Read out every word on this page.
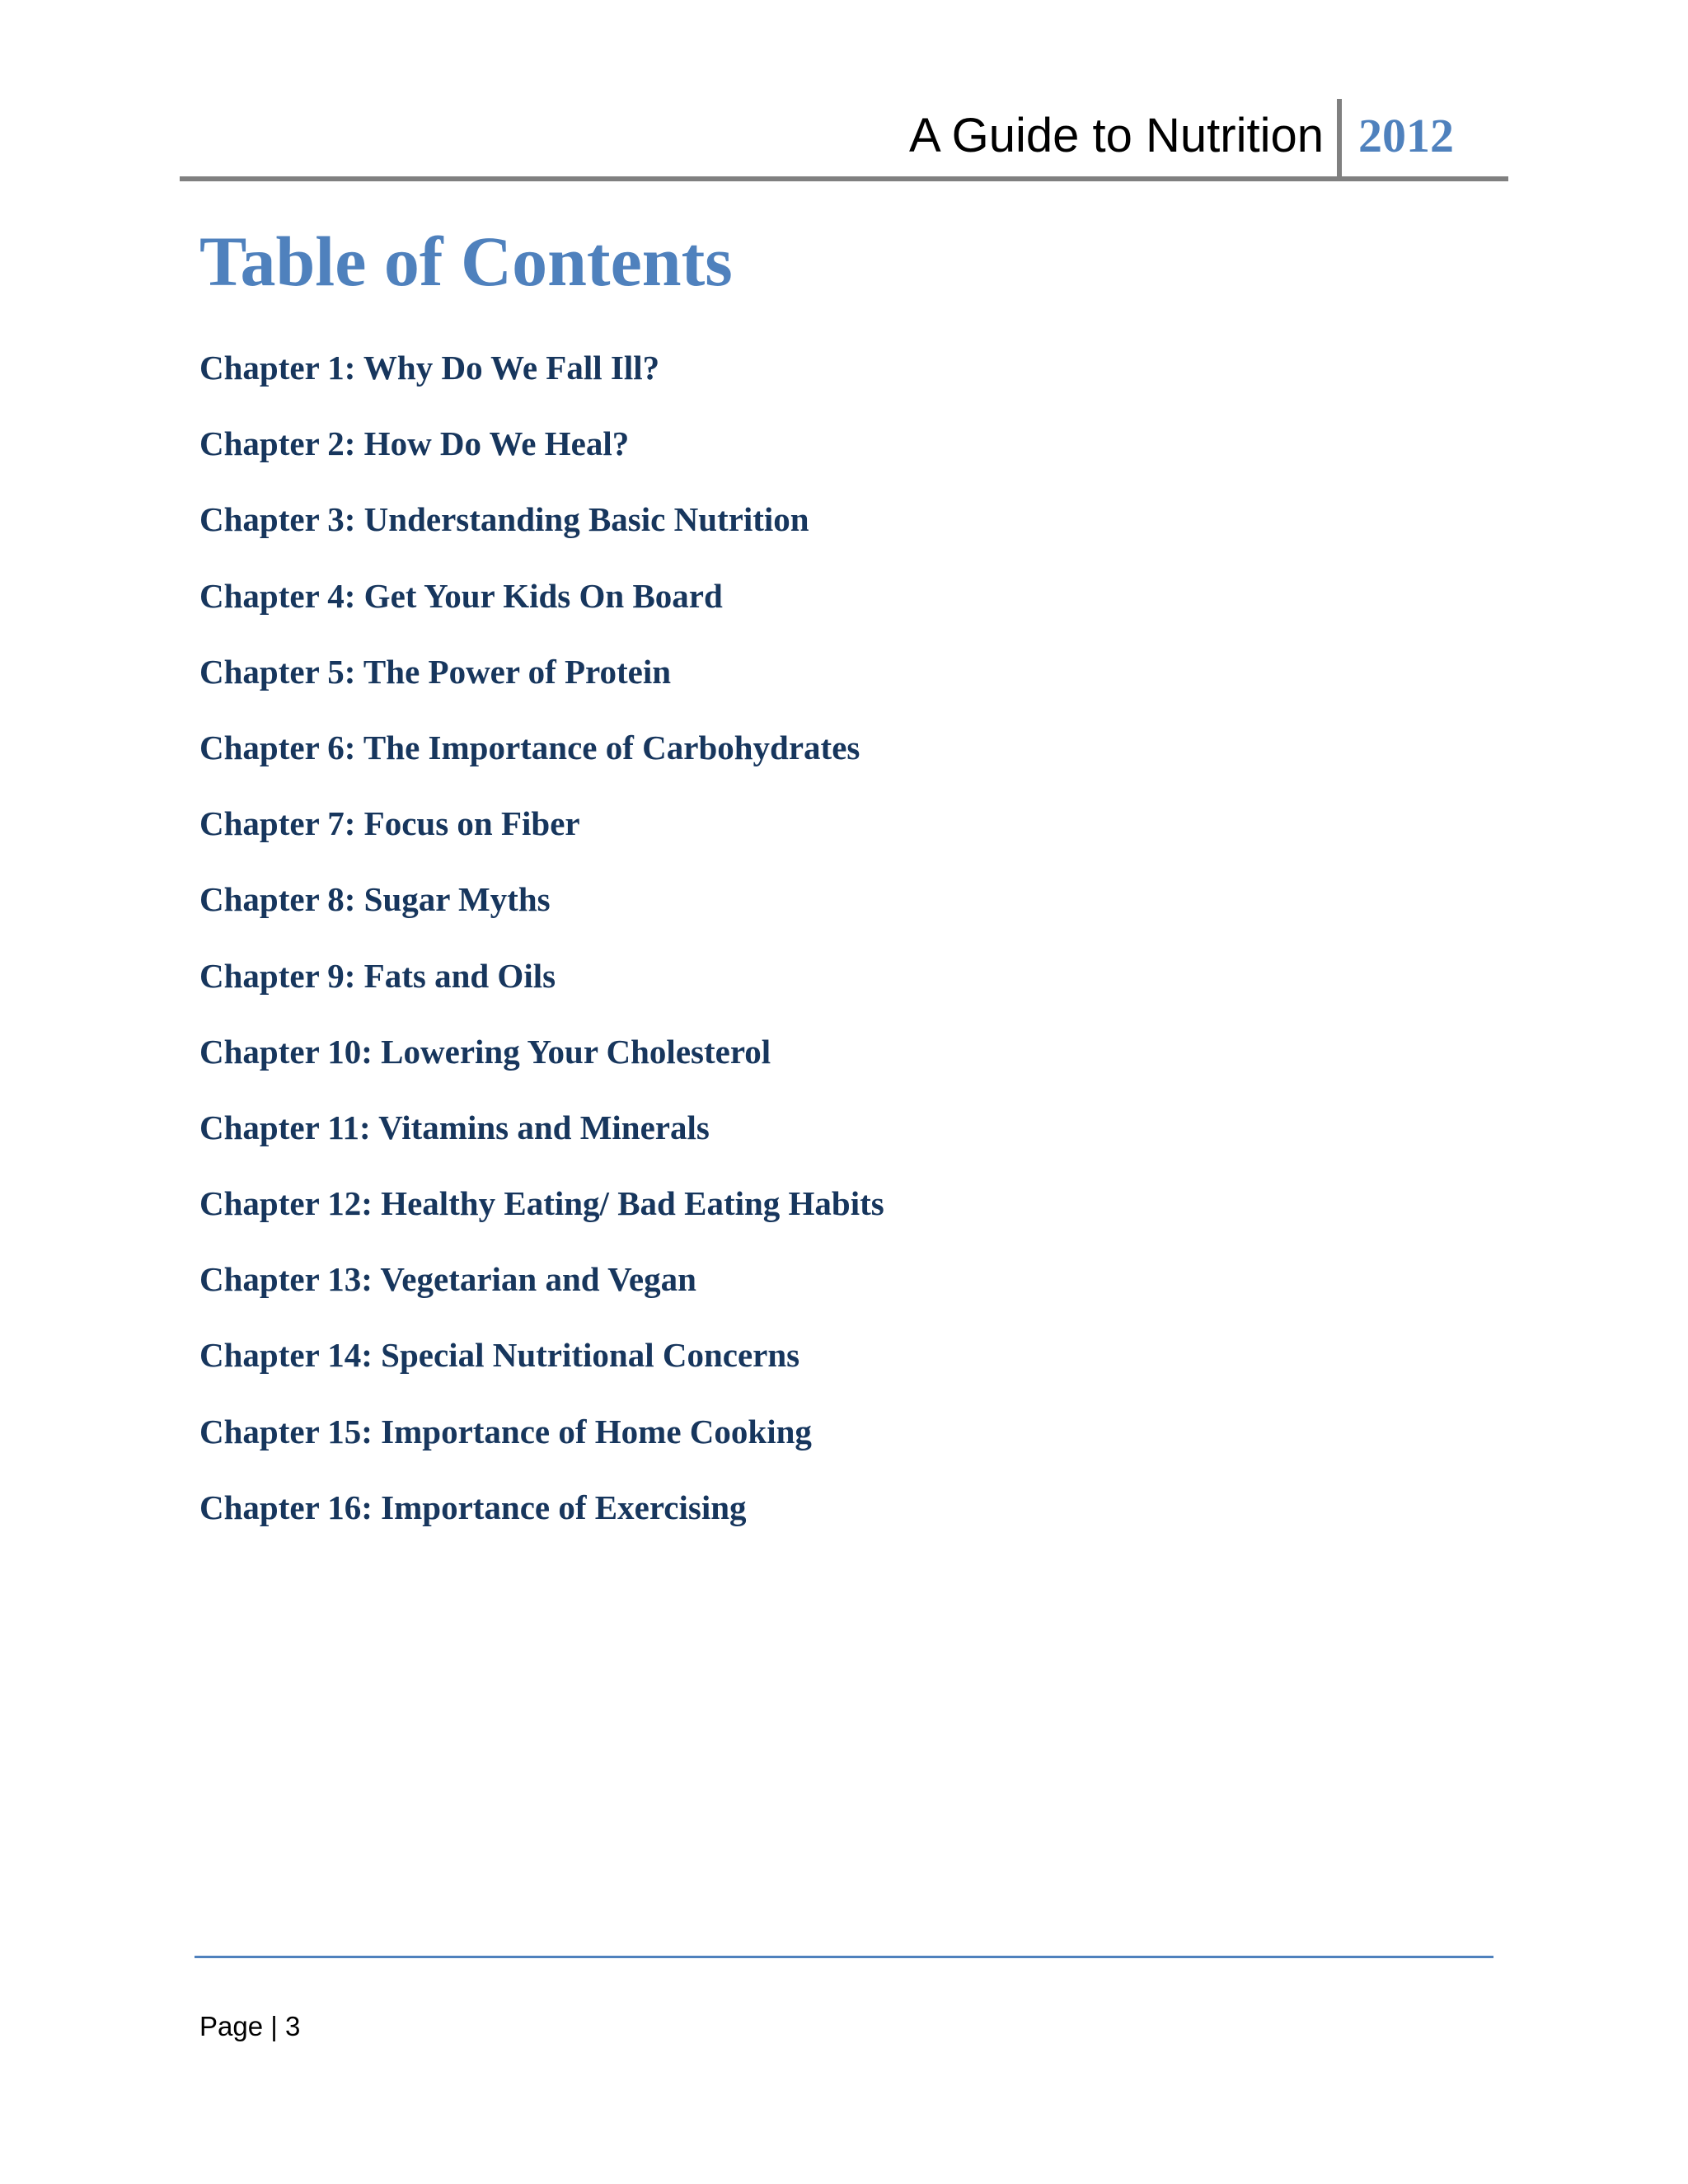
A Guide to Nutrition 2012
Table of Contents
Chapter 1: Why Do We Fall Ill?
Chapter 2: How Do We Heal?
Chapter 3: Understanding Basic Nutrition
Chapter 4: Get Your Kids On Board
Chapter 5: The Power of Protein
Chapter 6: The Importance of Carbohydrates
Chapter 7: Focus on Fiber
Chapter 8: Sugar Myths
Chapter 9: Fats and Oils
Chapter 10: Lowering Your Cholesterol
Chapter 11: Vitamins and Minerals
Chapter 12: Healthy Eating/ Bad Eating Habits
Chapter 13: Vegetarian and Vegan
Chapter 14: Special Nutritional Concerns
Chapter 15: Importance of Home Cooking
Chapter 16: Importance of Exercising
Page | 3
